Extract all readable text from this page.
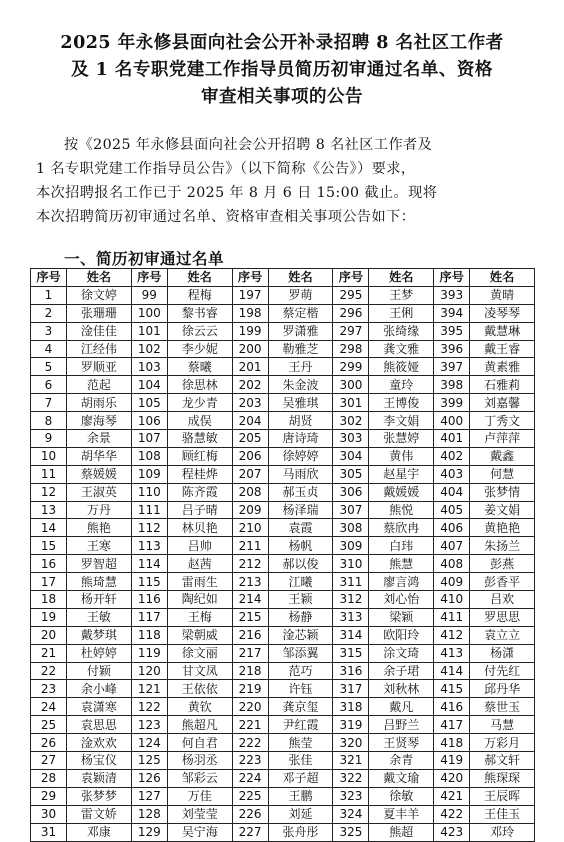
2025 年永修县面向社会公开补录招聘 8 名社区工作者
及 1 名专职党建工作指导员简历初审通过名单、资格
审查相关事项的公告
按《2025 年永修县面向社会公开招聘 8 名社区工作者及
1 名专职党建工作指导员公告》（以下简称《公告》）要求，
本次招聘报名工作已于 2025 年 8 月 6 日 15:00 截止。现将
本次招聘简历初审通过名单、资格审查相关事项公告如下：
一、简历初审通过名单
序号	姓名	序号	姓名	序号	姓名	序号	姓名	序号	姓名
1	徐文婷	99	程梅	197	罗萌	295	王梦	393	黄晴
2	张珊珊	100	黎书睿	198	蔡定楷	296	王俐	394	凌琴琴
3	淦佳佳	101	徐云云	199	罗潇雅	297	张绮缘	395	戴慧琳
4	江经伟	102	李少妮	200	勒雅芝	298	龚文雅	396	戴王睿
5	罗顺亚	103	蔡曦	201	王丹	299	熊筱娅	397	黄素雅
6	范起	104	徐思林	202	朱金波	300	童玲	398	石雅莉
7	胡雨乐	105	龙少青	203	吴雅琪	301	王博俊	399	刘嘉馨
8	廖海琴	106	成俣	204	胡贤	302	李文娟	400	丁秀文
9	余景	107	骆慧敏	205	唐诗琦	303	张慧婷	401	卢萍萍
10	胡华华	108	顾红梅	206	徐婷婷	304	黄伟	402	戴鑫
11	蔡媛媛	109	程桂烨	207	马雨欣	305	赵星宇	403	何慧
12	王淑英	110	陈齐霞	208	郝玉贞	306	戴媛媛	404	张梦情
13	万丹	111	吕子晴	209	杨泽瑞	307	熊悦	405	姜文娟
14	熊艳	112	林贝艳	210	袁霞	308	蔡欣冉	406	黄艳艳
15	王寒	113	吕帅	211	杨帆	309	白玮	407	朱扬兰
16	罗智超	114	赵茜	212	郝以俊	310	熊慧	408	彭燕
17	熊琦慧	115	雷雨生	213	江曦	311	廖言鸿	409	彭香平
18	杨开轩	116	陶纪如	214	王颖	312	刘心怡	410	吕欢
19	王敏	117	王梅	215	杨静	313	梁颖	411	罗思思
20	戴梦琪	118	梁朝威	216	淦芯颖	314	欧阳玲	412	袁立立
21	杜婷婷	119	徐文丽	217	邹添翼	315	涂文琦	413	杨潇
22	付颖	120	甘文凤	218	范巧	316	余子珺	414	付先红
23	余小峰	121	王依依	219	许钰	317	刘秋林	415	邱丹华
24	袁潇寒	122	黄钦	220	龚京玺	318	戴凡	416	蔡世玉
25	袁思思	123	熊超凡	221	尹红霞	319	吕野兰	417	马慧
26	淦欢欢	124	何自君	222	熊莹	320	王贤琴	418	万彩月
27	杨宝仪	125	杨羽丞	223	张佳	321	余青	419	郝文轩
28	袁颖清	126	邹彩云	224	邓子超	322	戴文瑜	420	熊琛琛
29	张梦梦	127	万佳	225	王鹏	323	徐敏	421	王辰晖
30	雷文娇	128	刘莹莹	226	刘延	324	夏丰羊	422	王佳玉
31	邓康	129	吴宁海	227	张舟彤	325	熊超	423	邓玲
